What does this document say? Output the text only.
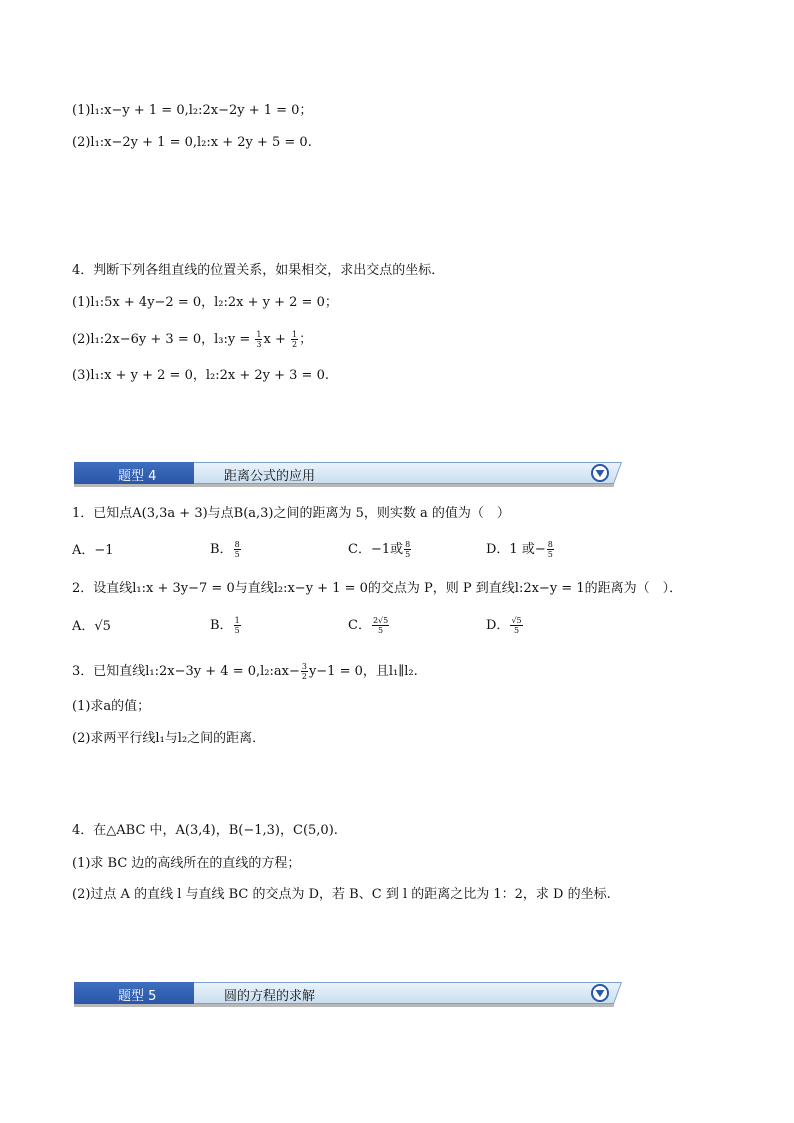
(1)l₁:x−y + 1 = 0,l₂:2x−2y + 1 = 0；
(2)l₁:x−2y + 1 = 0,l₂:x + 2y + 5 = 0.
4．判断下列各组直线的位置关系，如果相交，求出交点的坐标．
(1)l₁:5x + 4y−2 = 0，l₂:2x + y + 2 = 0；
(2)l₁:2x−6y + 3 = 0，l₃:y = $\frac{1}{3}$ $x + \frac{1}{2}$ ；
(3)l₁:x + y + 2 = 0，l₂:2x + 2y + 3 = 0.
题型 4	距离公式的应用
1．已知点A(3,3a + 3)与点B(a,3)之间的距离为 5，则实数 a 的值为（　）
A．−1	B． $\frac{8}{5}$	C．−1或 $\frac{8}{5}$	D．1 或− $\frac{8}{5}$
2．设直线l₁:x + 3y−7 = 0与直线l₂:x−y + 1 = 0的交点为 P，则 P 到直线l:2x−y = 1的距离为（　）．
A．√5	B． $\frac{1}{5}$	C． $\frac{2√5}{5}$	D． $\frac{√5}{5}$
3．已知直线l₁:2x−3y + 4 = 0,l₂:ax− $\frac{3}{2} y-1 = 0$，且l₁∥l₂.
(1)求a的值；
(2)求两平行线l₁与l₂之间的距离．
4．在△ABC 中，A(3,4)，B(−1,3)，C(5,0).
(1)求 BC 边的高线所在的直线的方程；
(2)过点 A 的直线 l 与直线 BC 的交点为 D，若 B、C 到 l 的距离之比为 1：2，求 D 的坐标.
题型 5	圆的方程的求解
